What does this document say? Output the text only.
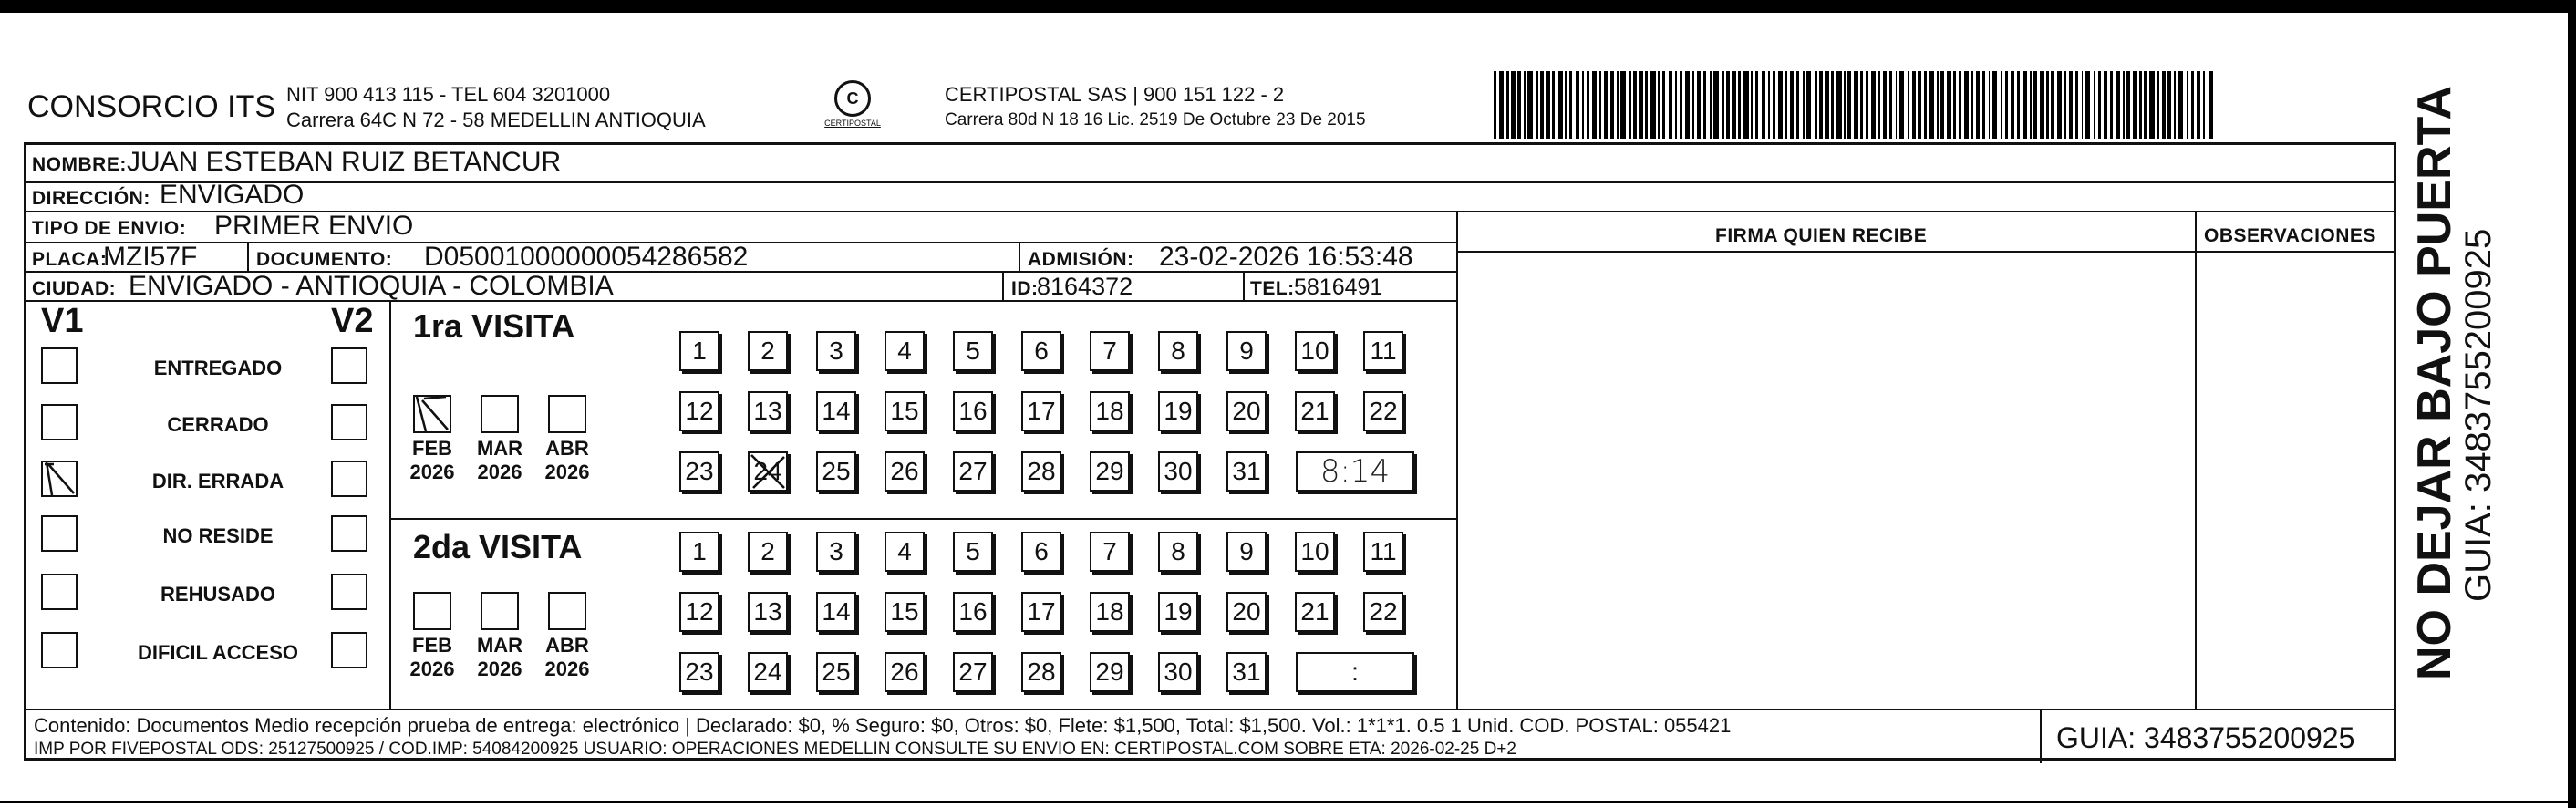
CONSORCIO ITS NIT 900 413 115 - TEL 604 3201000
Carrera 64C N 72 - 58 MEDELLIN ANTIOQUIA
C
CERTIPOSTAL
CERTIPOSTAL SAS | 900 151 122 - 2
Carrera 80d N 18 16 Lic. 2519 De Octubre 23 De 2015
NOMBRE: JUAN ESTEBAN RUIZ BETANCUR
DIRECCIÓN: ENVIGADO
TIPO DE ENVIO: PRIMER ENVIO	FIRMA QUIEN RECIBE	OBSERVACIONES
PLACA:
MZI57F	DOCUMENTO: D05001000000054286582	ADMISIÓN: 23-02-2026 16:53:48
CIUDAD: ENVIGADO - ANTIOQUIA - COLOMBIA	ID:
8164372	TEL: 5816491
V1	V2
ENTREGADO
CERRADO
DIR. ERRADA
NO RESIDE
REHUSADO
DIFICIL ACCESO
1ra VISITA
2da VISITA
FEB
2026
MAR
2026
ABR
2026
FEB
2026
MAR
2026
ABR
2026
1	2	3	4	5	6	7	8	9	10 11
12 13 14 15 16 17 18 19 20 21 22
23 24 25 26 27 28 29 30 31	8:14
1	2	3	4	5	6	7	8	9	10 11
12 13 14 15 16 17 18 19 20 21 22
23 24 25 26 27 28 29 30 31	:
Contenido: Documentos Medio recepción prueba de entrega: electrónico | Declarado: $0, % Seguro: $0, Otros: $0, Flete: $1,500, Total: $1,500. Vol.: 1*1*1. 0.5 1 Unid. COD. POSTAL: 055421
IMP POR FIVEPOSTAL ODS: 25127500925 / COD.IMP: 54084200925 USUARIO: OPERACIONES MEDELLIN CONSULTE SU ENVIO EN: CERTIPOSTAL.COM SOBRE ETA: 2026-02-25 D+2	GUIA: 3483755200925
NO DEJAR BAJO PUERTA
GUIA: 3483755200925
